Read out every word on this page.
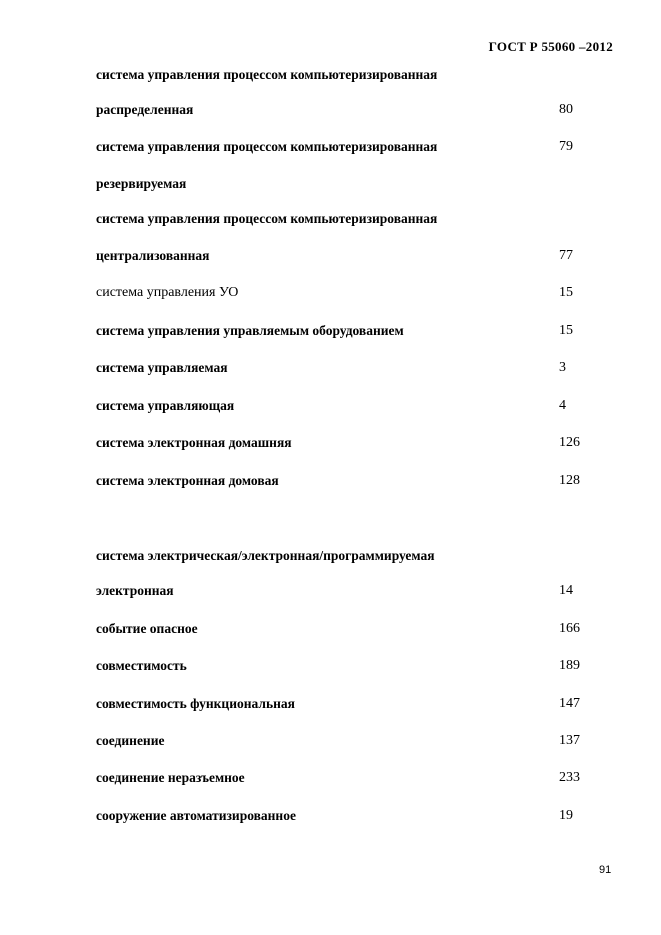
ГОСТ Р 55060 –2012
система управления процессом компьютеризированная
распределенная	80
система управления процессом компьютеризированная	79
резервируемая
система управления процессом компьютеризированная
централизованная	77
система управления УО	15
система управления управляемым оборудованием	15
система управляемая	3
система управляющая	4
система электронная домашняя	126
система электронная домовая	128
система электрическая/электронная/программируемая
электронная	14
событие опасное	166
совместимость	189
совместимость функциональная	147
соединение	137
соединение неразъемное	233
сооружение автоматизированное	19
91
